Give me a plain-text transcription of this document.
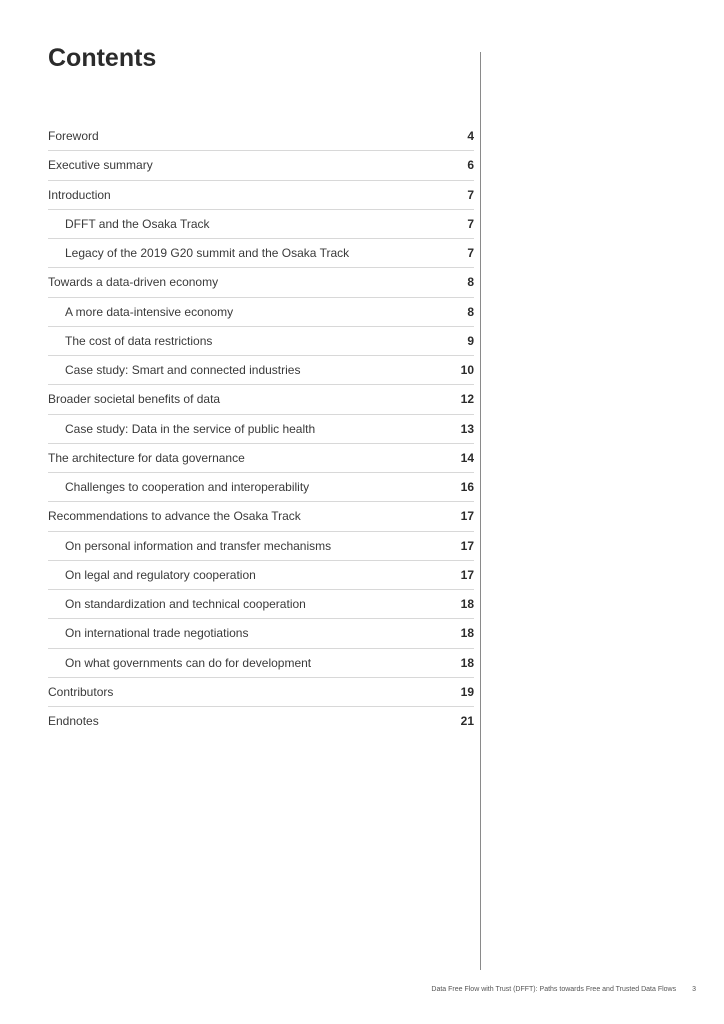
Contents
Foreword	4
Executive summary	6
Introduction	7
DFFT and the Osaka Track	7
Legacy of the 2019 G20 summit and the Osaka Track	7
Towards a data-driven economy	8
A more data-intensive economy	8
The cost of data restrictions	9
Case study: Smart and connected industries	10
Broader societal benefits of data	12
Case study: Data in the service of public health	13
The architecture for data governance	14
Challenges to cooperation and interoperability	16
Recommendations to advance the Osaka Track	17
On personal information and transfer mechanisms	17
On legal and regulatory cooperation	17
On standardization and technical cooperation	18
On international trade negotiations	18
On what governments can do for development	18
Contributors	19
Endnotes	21
Data Free Flow with Trust (DFFT): Paths towards Free and Trusted Data Flows 3
